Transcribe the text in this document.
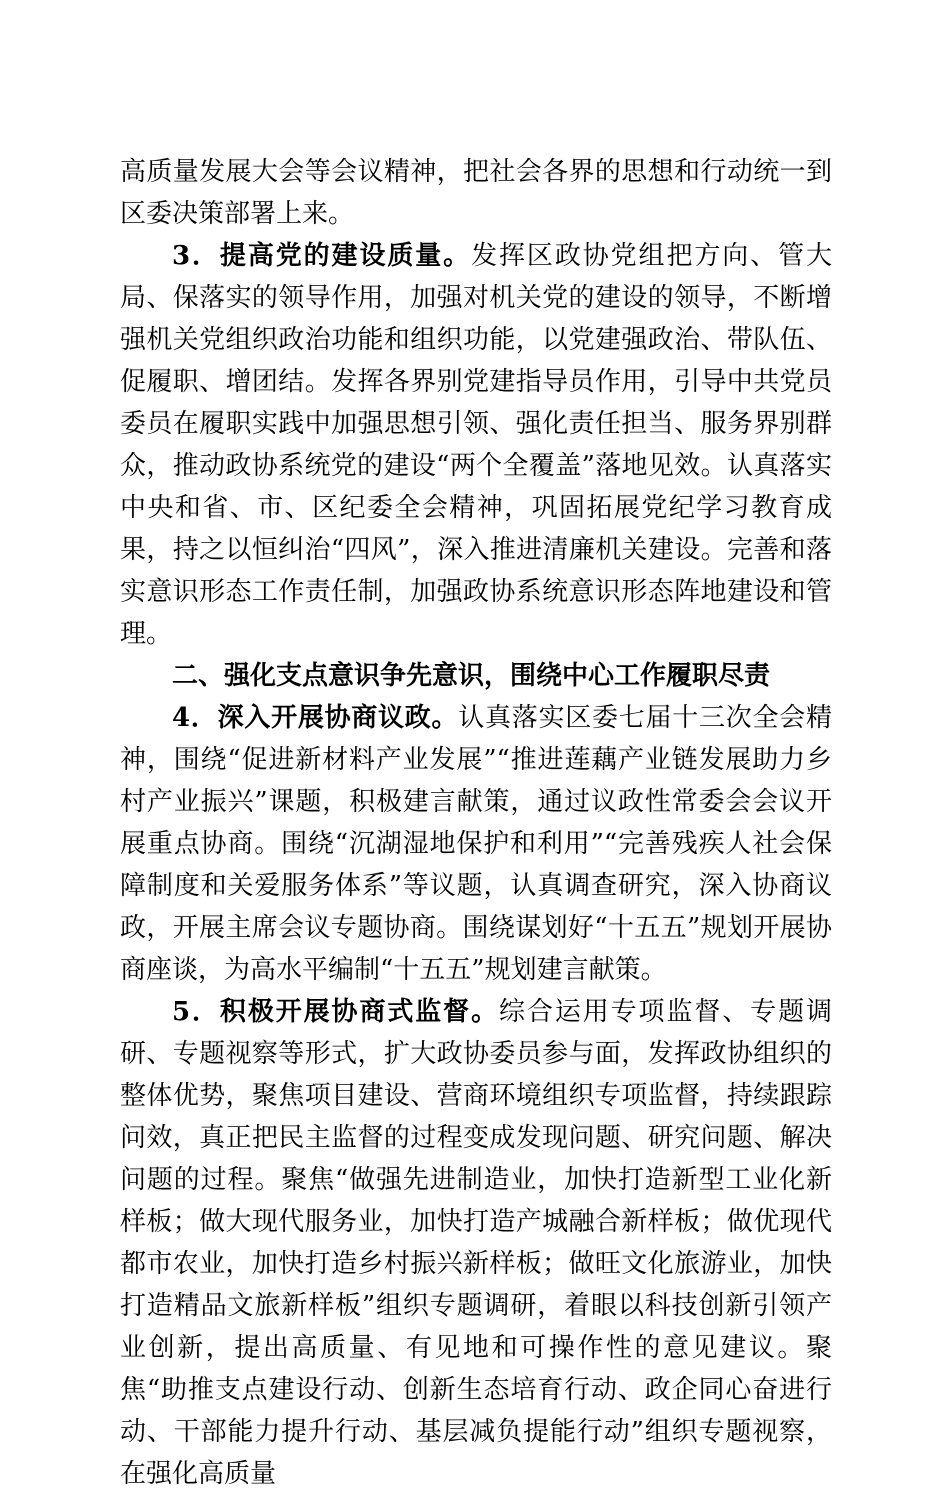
高质量发展大会等会议精神，把社会各界的思想和行动统一到区委决策部署上来。

3．提高党的建设质量。发挥区政协党组把方向、管大局、保落实的领导作用，加强对机关党的建设的领导，不断增强机关党组织政治功能和组织功能，以党建强政治、带队伍、促履职、增团结。发挥各界别党建指导员作用，引导中共党员委员在履职实践中加强思想引领、强化责任担当、服务界别群众，推动政协系统党的建设“两个全覆盖”落地见效。认真落实中央和省、市、区纪委全会精神，巩固拓展党纪学习教育成果，持之以恒纠治“四风”，深入推进清廉机关建设。完善和落实意识形态工作责任制，加强政协系统意识形态阵地建设和管理。

二、强化支点意识争先意识，围绕中心工作履职尽责

4．深入开展协商议政。认真落实区委七届十三次全会精神，围绕“促进新材料产业发展”“推进莲藕产业链发展助力乡村产业振兴”课题，积极建言献策，通过议政性常委会会议开展重点协商。围绕“沉湖湿地保护和利用”“完善残疾人社会保障制度和关爱服务体系”等议题，认真调查研究，深入协商议政，开展主席会议专题协商。围绕谋划好“十五五”规划开展协商座谈，为高水平编制“十五五”规划建言献策。

5．积极开展协商式监督。综合运用专项监督、专题调研、专题视察等形式，扩大政协委员参与面，发挥政协组织的整体优势，聚焦项目建设、营商环境组织专项监督，持续跟踪问效，真正把民主监督的过程变成发现问题、研究问题、解决问题的过程。聚焦“做强先进制造业，加快打造新型工业化新样板；做大现代服务业，加快打造产城融合新样板；做优现代都市农业，加快打造乡村振兴新样板；做旺文化旅游业，加快打造精品文旅新样板”组织专题调研，着眼以科技创新引领产业创新，提出高质量、有见地和可操作性的意见建议。聚焦“助推支点建设行动、创新生态培育行动、政企同心奋进行动、干部能力提升行动、基层减负提能行动”组织专题视察，在强化高质量
